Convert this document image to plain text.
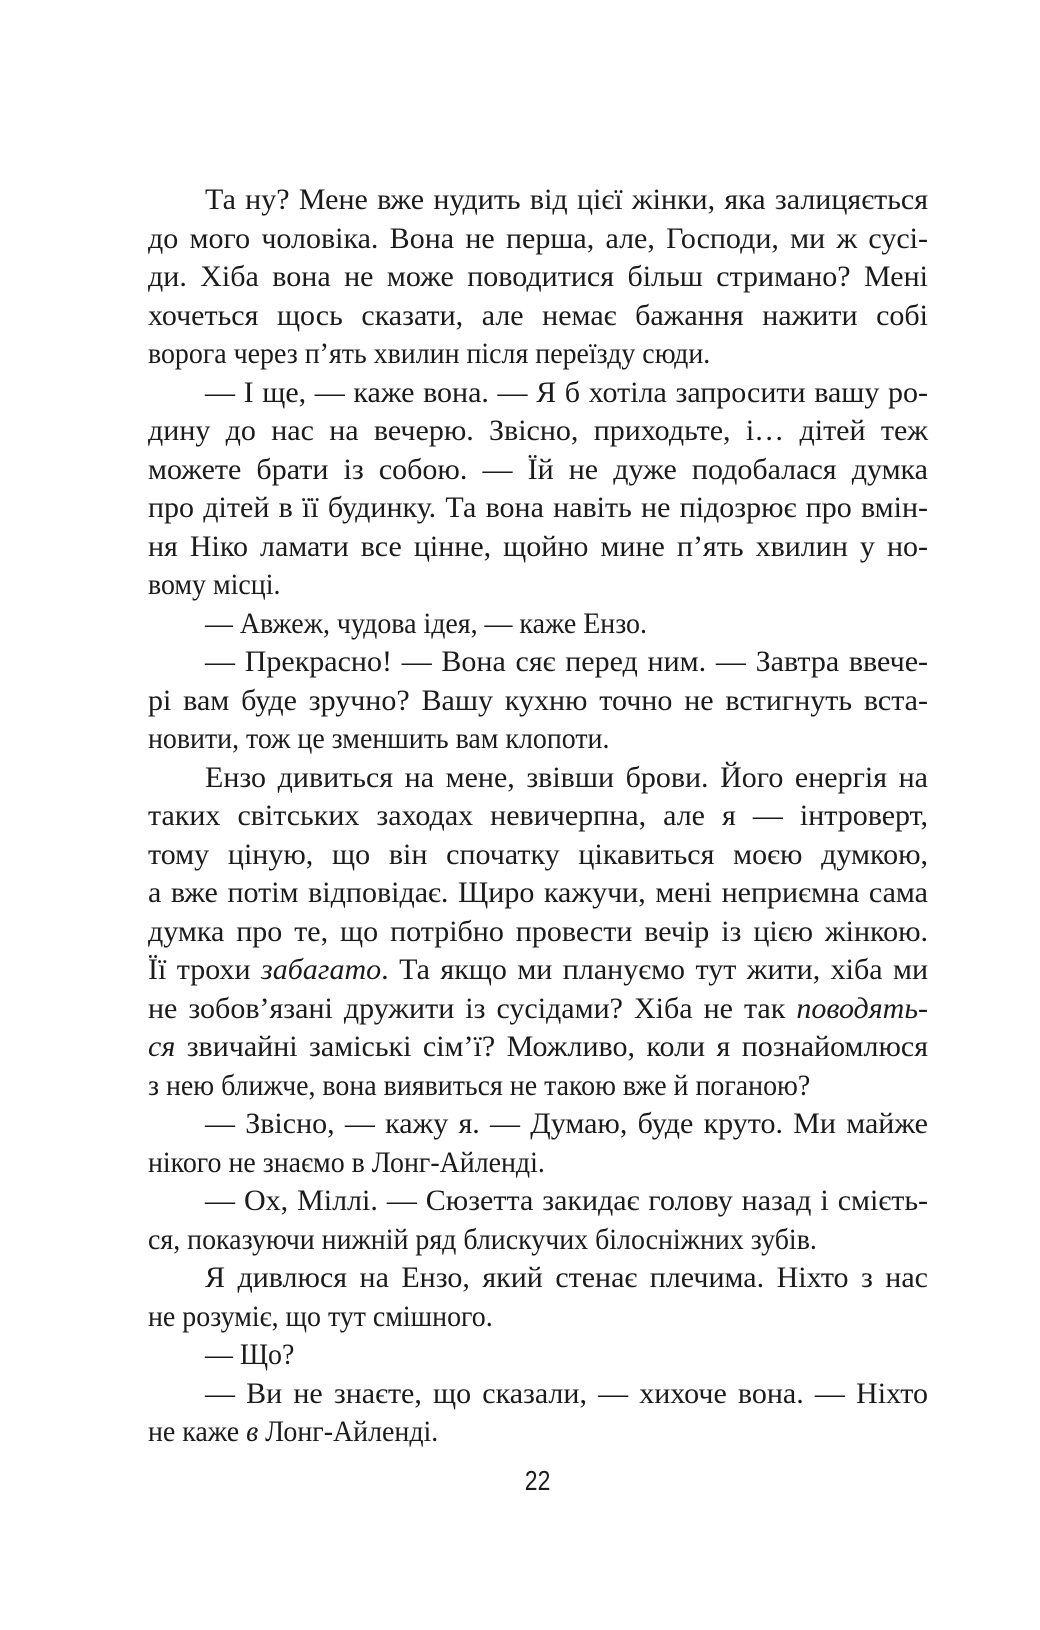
Та ну? Мене вже нудить від цієї жінки, яка залицяється
до мого чоловіка. Вона не перша, але, Господи, ми ж сусі-
ди. Хіба вона не може поводитися більш стримано? Мені
хочеться щось сказати, але немає бажання нажити собі
ворога через п’ять хвилин після переїзду сюди.
— І ще, — каже вона. — Я б хотіла запросити вашу ро-
дину до нас на вечерю. Звісно, приходьте, і… дітей теж
можете брати із собою. — Їй не дуже подобалася думка
про дітей в її будинку. Та вона навіть не підозрює про вмін-
ня Ніко ламати все цінне, щойно мине п’ять хвилин у но-
вому місці.
— Авжеж, чудова ідея, — каже Ензо.
— Прекрасно! — Вона сяє перед ним. — Завтра ввече-
рі вам буде зручно? Вашу кухню точно не встигнуть вста-
новити, тож це зменшить вам клопоти.
Ензо дивиться на мене, звівши брови. Його енергія на
таких світських заходах невичерпна, але я — інтроверт,
тому ціную, що він спочатку цікавиться моєю думкою,
а вже потім відповідає. Щиро кажучи, мені неприємна сама
думка про те, що потрібно провести вечір із цією жінкою.
Її трохи забагато. Та якщо ми плануємо тут жити, хіба ми
не зобов’язані дружити із сусідами? Хіба не так поводять-
ся звичайні заміські сім’ї? Можливо, коли я познайомлюся
з нею ближче, вона виявиться не такою вже й поганою?
— Звісно, — кажу я. — Думаю, буде круто. Ми майже
нікого не знаємо в Лонг-Айленді.
— Ох, Міллі. — Сюзетта закидає голову назад і смієть-
ся, показуючи нижній ряд блискучих білосніжних зубів.
Я дивлюся на Ензо, який стенає плечима. Ніхто з нас
не розуміє, що тут смішного.
— Що?
— Ви не знаєте, що сказали, — хихоче вона. — Ніхто
не каже в Лонг-Айленді.
22
